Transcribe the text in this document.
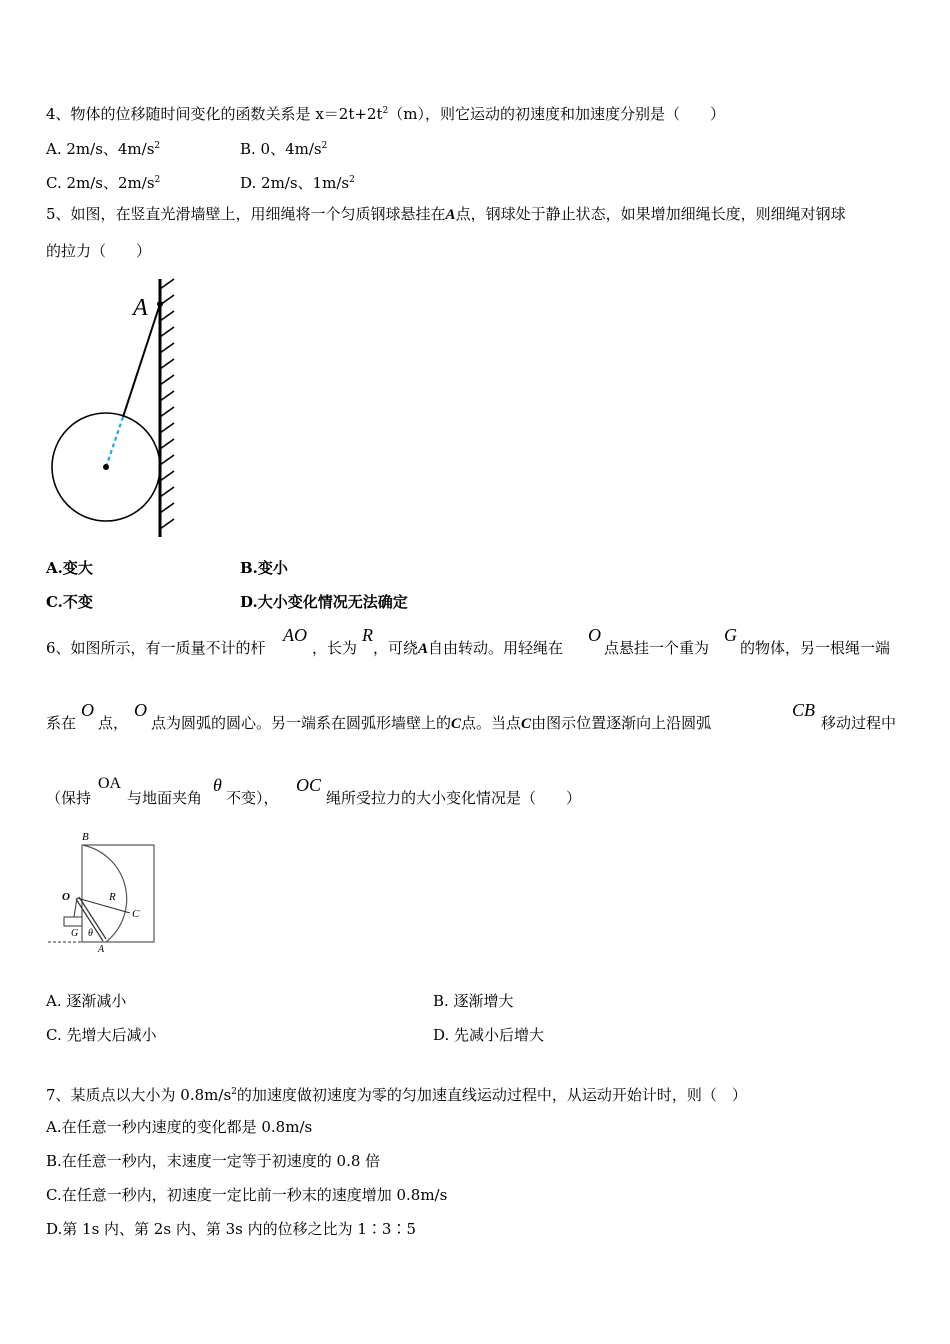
4、物体的位移随时间变化的函数关系是 $x=2t+2t^2(m)$，则它运动的初速度和加速度分别是（　　）
A. 2m/s、$4m/s^2$	B. 0、$4m/s^2$
C. 2m/s、$2m/s^2$	D. 2m/s、$1m/s^2$
5、如图，在竖直光滑墙壁上，用细绳将一个匀质钢球悬挂在A点，钢球处于静止状态，如果增加细绳长度，则细绳对钢球
的拉力（　　）
A
A.变大	B.变小
C.不变	D.大小变化情况无法确定
6、如图所示，有一质量不计的杆
AO
，长为
R
，可绕A自由转动。用轻绳在
O
点悬挂一个重为
G
的物体，另一根绳一端
系在
O
点，
O
点为圆弧的圆心。另一端系在圆弧形墙壁上的C点。当点C由图示位置逐渐向上沿圆弧
CB
移动过程中
（保持
OA
与地面夹角
θ
不变），
OC
绳所受拉力的大小变化情况是（　　）
B
O	R
C
G θ
A
A. 逐渐减小	B. 逐渐增大
C. 先增大后减小	D. 先减小后增大
7、某质点以大小为 $0.8m/s^2$的加速度做初速度为零的匀加速直线运动过程中，从运动开始计时，则（　）
A.在任意一秒内速度的变化都是 0.8m/s
B.在任意一秒内，末速度一定等于初速度的 0.8 倍
C.在任意一秒内，初速度一定比前一秒末的速度增加 0.8m/s
D.第 1s 内、第 2s 内、第 3s 内的位移之比为 1∶3∶5
